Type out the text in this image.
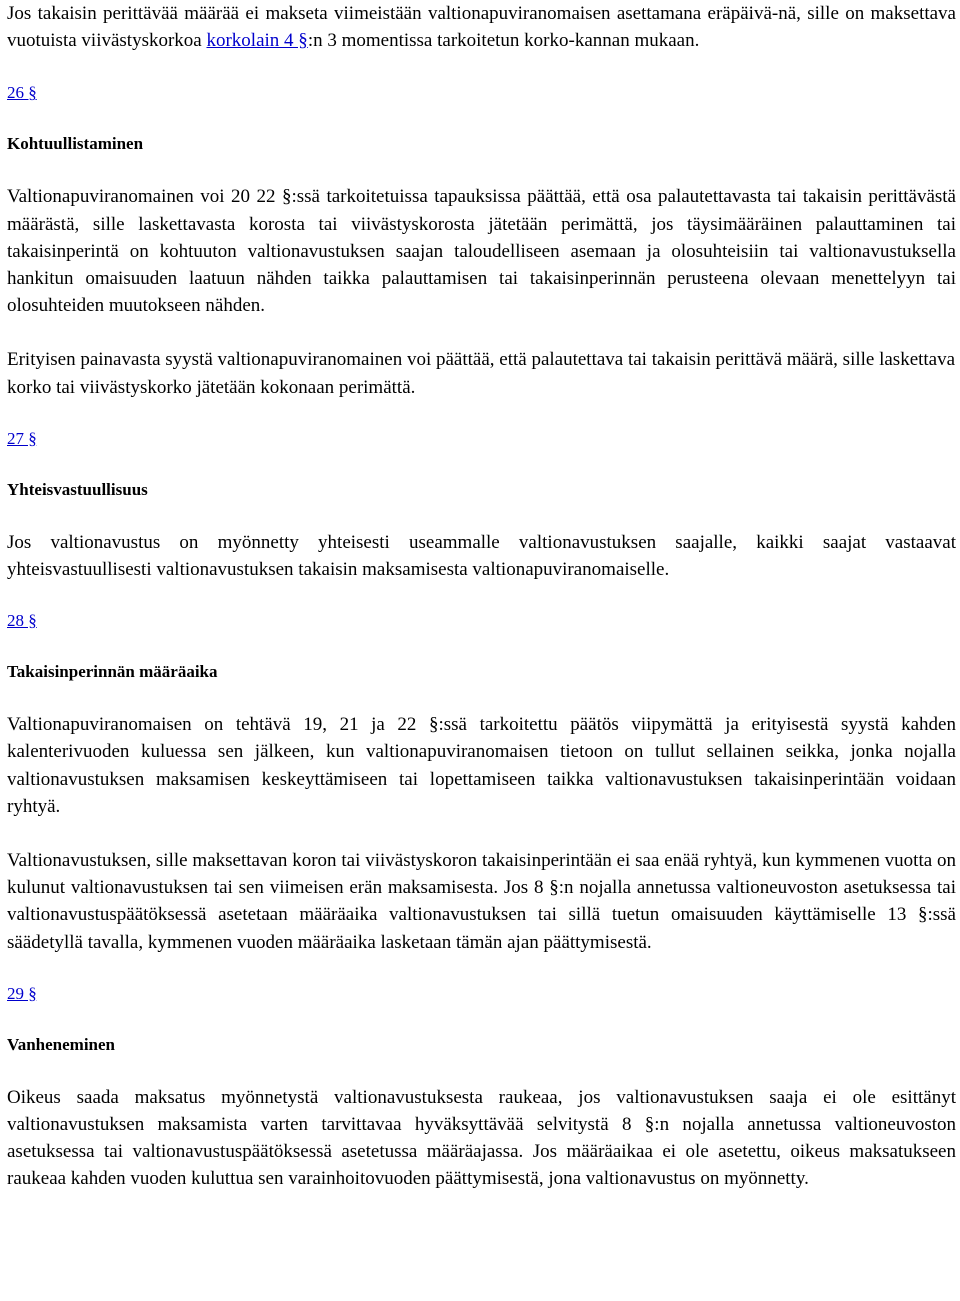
Jos takaisin perittävää määrää ei makseta viimeistään valtionapuviranomaisen asettamana eräpäivä-nä, sille on maksettava vuotuista viivästyskorkoa korkolain 4 §:n 3 momentissa tarkoitetun korko-kannan mukaan.

26 §

Kohtuullistaminen

Valtionapuviranomainen voi 20 22 §:ssä tarkoitetuissa tapauksissa päättää, että osa palautettavasta tai takaisin perittävästä määrästä, sille laskettavasta korosta tai viivästyskorosta jätetään perimättä, jos täysimääräinen palauttaminen tai takaisinperintä on kohtuuton valtionavustuksen saajan taloudelliseen asemaan ja olosuhteisiin tai valtionavustuksella hankitun omaisuuden laatuun nähden taikka palauttamisen tai takaisinperinnän perusteena olevaan menettelyyn tai olosuhteiden muutokseen nähden.

Erityisen painavasta syystä valtionapuviranomainen voi päättää, että palautettava tai takaisin perittävä määrä, sille laskettava korko tai viivästyskorko jätetään kokonaan perimättä.

27 §

Yhteisvastuullisuus

Jos valtionavustus on myönnetty yhteisesti useammalle valtionavustuksen saajalle, kaikki saajat vastaavat yhteisvastuullisesti valtionavustuksen takaisin maksamisesta valtionapuviranomaiselle.

28 §

Takaisinperinnän määräaika

Valtionapuviranomaisen on tehtävä 19, 21 ja 22 §:ssä tarkoitettu päätös viipymättä ja erityisestä syystä kahden kalenterivuoden kuluessa sen jälkeen, kun valtionapuviranomaisen tietoon on tullut sellainen seikka, jonka nojalla valtionavustuksen maksamisen keskeyttämiseen tai lopettamiseen taikka valtionavustuksen takaisinperintään voidaan ryhtyä.

Valtionavustuksen, sille maksettavan koron tai viivästyskoron takaisinperintään ei saa enää ryhtyä, kun kymmenen vuotta on kulunut valtionavustuksen tai sen viimeisen erän maksamisesta. Jos 8 §:n nojalla annetussa valtioneuvoston asetuksessa tai valtionavustuspäätöksessä asetetaan määräaika valtionavustuksen tai sillä tuetun omaisuuden käyttämiselle 13 §:ssä säädetyllä tavalla, kymmenen vuoden määräaika lasketaan tämän ajan päättymisestä.

29 §

Vanheneminen

Oikeus saada maksatus myönnetystä valtionavustuksesta raukeaa, jos valtionavustuksen saaja ei ole esittänyt valtionavustuksen maksamista varten tarvittavaa hyväksyttävää selvitystä 8 §:n nojalla annetussa valtioneuvoston asetuksessa tai valtionavustuspäätöksessä asetetussa määräajassa. Jos määräaikaa ei ole asetettu, oikeus maksatukseen raukeaa kahden vuoden kuluttua sen varainhoitovuoden päättymisestä, jona valtionavustus on myönnetty.
